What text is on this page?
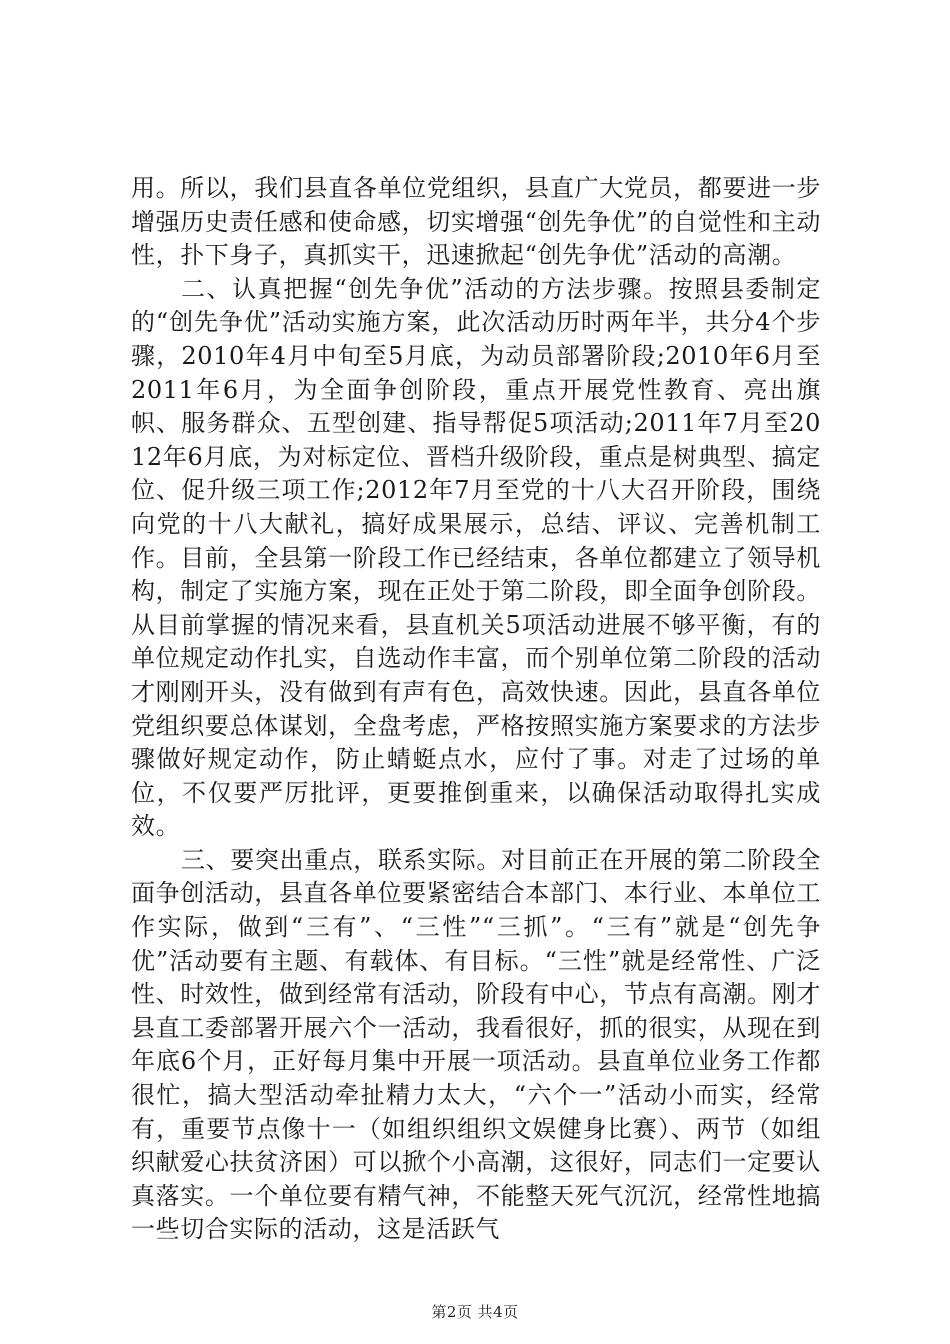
用。所以，我们县直各单位党组织，县直广大党员，都要进一步增强历史责任感和使命感，切实增强“创先争优”的自觉性和主动性，扑下身子，真抓实干，迅速掀起“创先争优”活动的高潮。

二、认真把握“创先争优”活动的方法步骤。按照县委制定的“创先争优”活动实施方案，此次活动历时两年半，共分4个步骤，2010年4月中旬至5月底，为动员部署阶段;2010年6月至2011年6月，为全面争创阶段，重点开展党性教育、亮出旗帜、服务群众、五型创建、指导帮促5项活动;2011年7月至2012年6月底，为对标定位、晋档升级阶段，重点是树典型、搞定位、促升级三项工作;2012年7月至党的十八大召开阶段，围绕向党的十八大献礼，搞好成果展示，总结、评议、完善机制工作。目前，全县第一阶段工作已经结束，各单位都建立了领导机构，制定了实施方案，现在正处于第二阶段，即全面争创阶段。从目前掌握的情况来看，县直机关5项活动进展不够平衡，有的单位规定动作扎实，自选动作丰富，而个别单位第二阶段的活动才刚刚开头，没有做到有声有色，高效快速。因此，县直各单位党组织要总体谋划，全盘考虑，严格按照实施方案要求的方法步骤做好规定动作，防止蜻蜓点水，应付了事。对走了过场的单位，不仅要严厉批评，更要推倒重来，以确保活动取得扎实成效。

三、要突出重点，联系实际。对目前正在开展的第二阶段全面争创活动，县直各单位要紧密结合本部门、本行业、本单位工作实际，做到“三有”、“三性”“三抓”。“三有”就是“创先争优”活动要有主题、有载体、有目标。“三性”就是经常性、广泛性、时效性，做到经常有活动，阶段有中心，节点有高潮。刚才县直工委部署开展六个一活动，我看很好，抓的很实，从现在到年底6个月，正好每月集中开展一项活动。县直单位业务工作都很忙，搞大型活动牵扯精力太大，“六个一”活动小而实，经常有，重要节点像十一（如组织组织文娱健身比赛）、两节（如组织献爱心扶贫济困）可以掀个小高潮，这很好，同志们一定要认真落实。一个单位要有精气神，不能整天死气沉沉，经常性地搞一些切合实际的活动，这是活跃气

第2页 共4页
